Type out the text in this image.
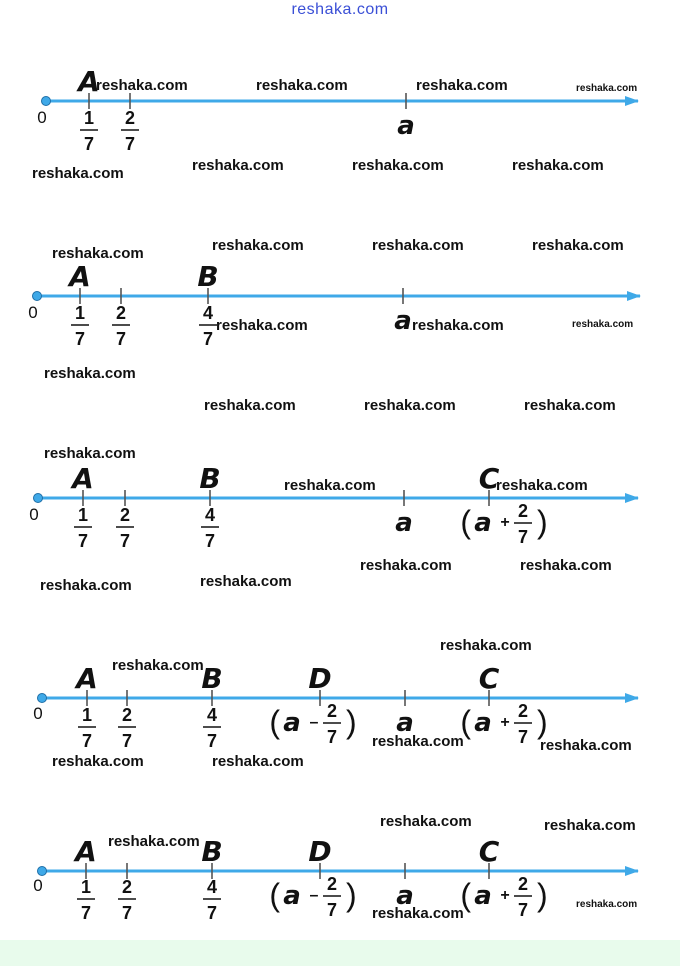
reshaka.com
reshaka.com	reshaka.com	reshaka.com	reshaka.com
reshaka.com	reshaka.com	reshaka.com	reshaka.com
reshaka.com	reshaka.com	reshaka.com	reshaka.com
reshaka.com	reshaka.com	reshaka.com
reshaka.com
reshaka.com	reshaka.com	reshaka.com
reshaka.com
reshaka.com	reshaka.com
reshaka.com	reshaka.com
reshaka.com	reshaka.com
reshaka.com
reshaka.com
reshaka.com	reshaka.com
reshaka.com	reshaka.com
reshaka.com
reshaka.com
reshaka.com
reshaka.com
reshaka.com
0
A
1
7
2
7
a
0
A
1
7
2
7
B
4
7
a
0
A
1
7
2
7
B
4
7
a
C
( a +
2
7 )
0
A
1
7
2
7
B
4
7
D
( a –
2
7 ) a
C
( a +
2
7 )
0
A
1
7
2
7
B
4
7
D
( a –
2
7 ) a
C
( a +
2
7 )
